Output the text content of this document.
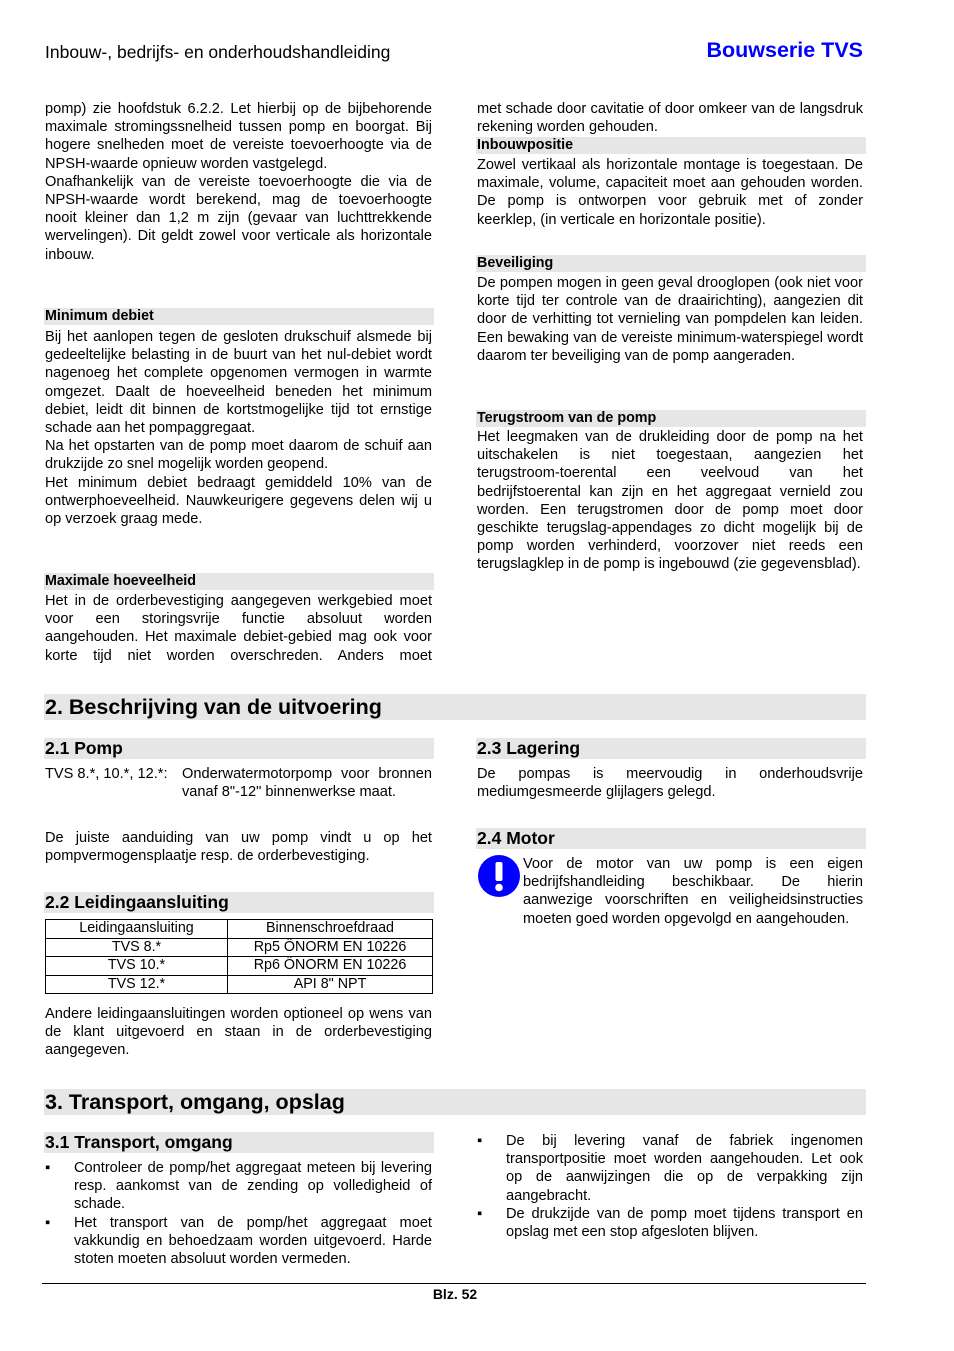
Inbouw-, bedrijfs- en onderhoudshandleiding	Bouwserie TVS

pomp) zie hoofdstuk 6.2.2. Let hierbij op de bijbehorende maximale stromingssnelheid tussen pomp en boorgat. Bij hogere snelheden moet de vereiste toevoerhoogte via de NPSH-waarde opnieuw worden vastgelegd.

Onafhankelijk van de vereiste toevoerhoogte die via de NPSH-waarde wordt berekend, mag de toevoerhoogte nooit kleiner dan 1,2 m zijn (gevaar van luchttrekkende wervelingen). Dit geldt zowel voor verticale als horizontale inbouw.

Minimum debiet

Bij het aanlopen tegen de gesloten drukschuif alsmede bij gedeeltelijke belasting in de buurt van het nul-debiet wordt nagenoeg het complete opgenomen vermogen in warmte omgezet. Daalt de hoeveelheid beneden het minimum debiet, leidt dit binnen de kortstmogelijke tijd tot ernstige schade aan het pompaggregaat.

Na het opstarten van de pomp moet daarom de schuif aan drukzijde zo snel mogelijk worden geopend.

Het minimum debiet bedraagt gemiddeld 10% van de ontwerphoeveelheid. Nauwkeurigere gegevens delen wij u op verzoek graag mede.

Maximale hoeveelheid
Het in de orderbevestiging aangegeven werkgebied moet voor een storingsvrije functie absoluut worden aangehouden. Het maximale debiet-gebied mag ook voor korte tijd niet worden overschreden. Anders moet
met schade door cavitatie of door omkeer van de langsdruk rekening worden gehouden.
Inbouwpositie
Zowel vertikaal als horizontale montage is toegestaan. De maximale, volume, capaciteit moet aan gehouden worden. De pomp is ontworpen voor gebruik met of zonder keerklep, (in verticale en horizontale positie).
Beveiliging
De pompen mogen in geen geval drooglopen (ook niet voor korte tijd ter controle van de draairichting), aangezien dit door de verhitting tot vernieling van pompdelen kan leiden. Een bewaking van de vereiste minimum-waterspiegel wordt daarom ter beveiliging van de pomp aangeraden.
Terugstroom van de pomp
Het leegmaken van de drukleiding door de pomp na het uitschakelen is niet toegestaan, aangezien het terugstroom-toerental een veelvoud van het bedrijfstoerental kan zijn en het aggregaat vernield zou worden. Een terugstromen door de pomp moet door geschikte terugslag-appendages zo dicht mogelijk bij de pomp worden verhinderd, voorzover niet reeds een terugslagklep in de pomp is ingebouwd (zie gegevensblad).
2. Beschrijving van de uitvoering
2.1 Pomp
TVS 8.*, 10.*, 12.*: Onderwatermotorpomp voor bronnen vanaf 8"-12" binnenwerkse maat.
De juiste aanduiding van uw pomp vindt u op het pompvermogensplaatje resp. de orderbevestiging.
2.2 Leidingaansluiting
Leidingaansluiting	Binnenschroefdraad
TVS 8.*	Rp5 ÖNORM EN 10226
TVS 10.*	Rp6 ÖNORM EN 10226
TVS 12.*	API 8" NPT
Andere leidingaansluitingen worden optioneel op wens van de klant uitgevoerd en staan in de orderbevestiging aangegeven.
2.3 Lagering
De pompas is meervoudig in onderhoudsvrije mediumgesmeerde glijlagers gelegd.
2.4 Motor
Voor de motor van uw pomp is een eigen bedrijfshandleiding beschikbaar. De hierin aanwezige voorschriften en veiligheidsinstructies moeten goed worden opgevolgd en aangehouden.
3. Transport, omgang, opslag
3.1 Transport, omgang
▪ Controleer de pomp/het aggregaat meteen bij levering resp. aankomst van de zending op volledigheid of schade.
▪ Het transport van de pomp/het aggregaat moet vakkundig en behoedzaam worden uitgevoerd. Harde stoten moeten absoluut worden vermeden.
▪ De bij levering vanaf de fabriek ingenomen transportpositie moet worden aangehouden. Let ook op de aanwijzingen die op de verpakking zijn aangebracht.
▪ De drukzijde van de pomp moet tijdens transport en opslag met een stop afgesloten blijven.
Blz. 52
